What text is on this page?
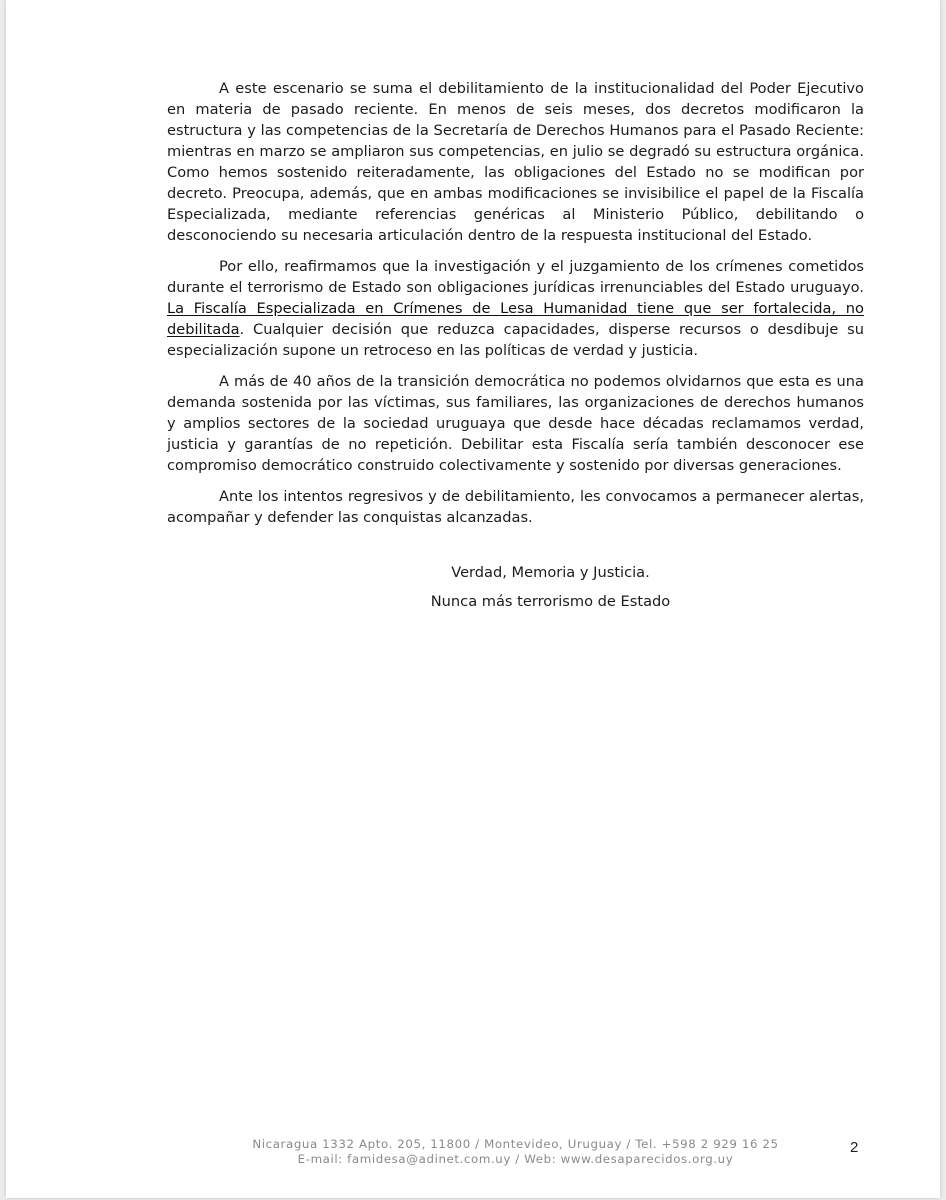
A este escenario se suma el debilitamiento de la institucionalidad del Poder Ejecutivo en materia de pasado reciente. En menos de seis meses, dos decretos modificaron la estructura y las competencias de la Secretaría de Derechos Humanos para el Pasado Reciente: mientras en marzo se ampliaron sus competencias, en julio se degradó su estructura orgánica. Como hemos sostenido reiteradamente, las obligaciones del Estado no se modifican por decreto. Preocupa, además, que en ambas modificaciones se invisibilice el papel de la Fiscalía Especializada, mediante referencias genéricas al Ministerio Público, debilitando o desconociendo su necesaria articulación dentro de la respuesta institucional del Estado.

Por ello, reafirmamos que la investigación y el juzgamiento de los crímenes cometidos durante el terrorismo de Estado son obligaciones jurídicas irrenunciables del Estado uruguayo. La Fiscalía Especializada en Crímenes de Lesa Humanidad tiene que ser fortalecida, no debilitada. Cualquier decisión que reduzca capacidades, disperse recursos o desdibuje su especialización supone un retroceso en las políticas de verdad y justicia.

A más de 40 años de la transición democrática no podemos olvidarnos que esta es una demanda sostenida por las víctimas, sus familiares, las organizaciones de derechos humanos y amplios sectores de la sociedad uruguaya que desde hace décadas reclamamos verdad, justicia y garantías de no repetición. Debilitar esta Fiscalía sería también desconocer ese compromiso democrático construido colectivamente y sostenido por diversas generaciones.

Ante los intentos regresivos y de debilitamiento, les convocamos a permanecer alertas, acompañar y defender las conquistas alcanzadas.

Verdad, Memoria y Justicia.

Nunca más terrorismo de Estado

Nicaragua 1332 Apto. 205, 11800 / Montevideo, Uruguay / Tel. +598 2 929 16 25
E-mail: famidesa@adinet.com.uy / Web: www.desaparecidos.org.uy
2
